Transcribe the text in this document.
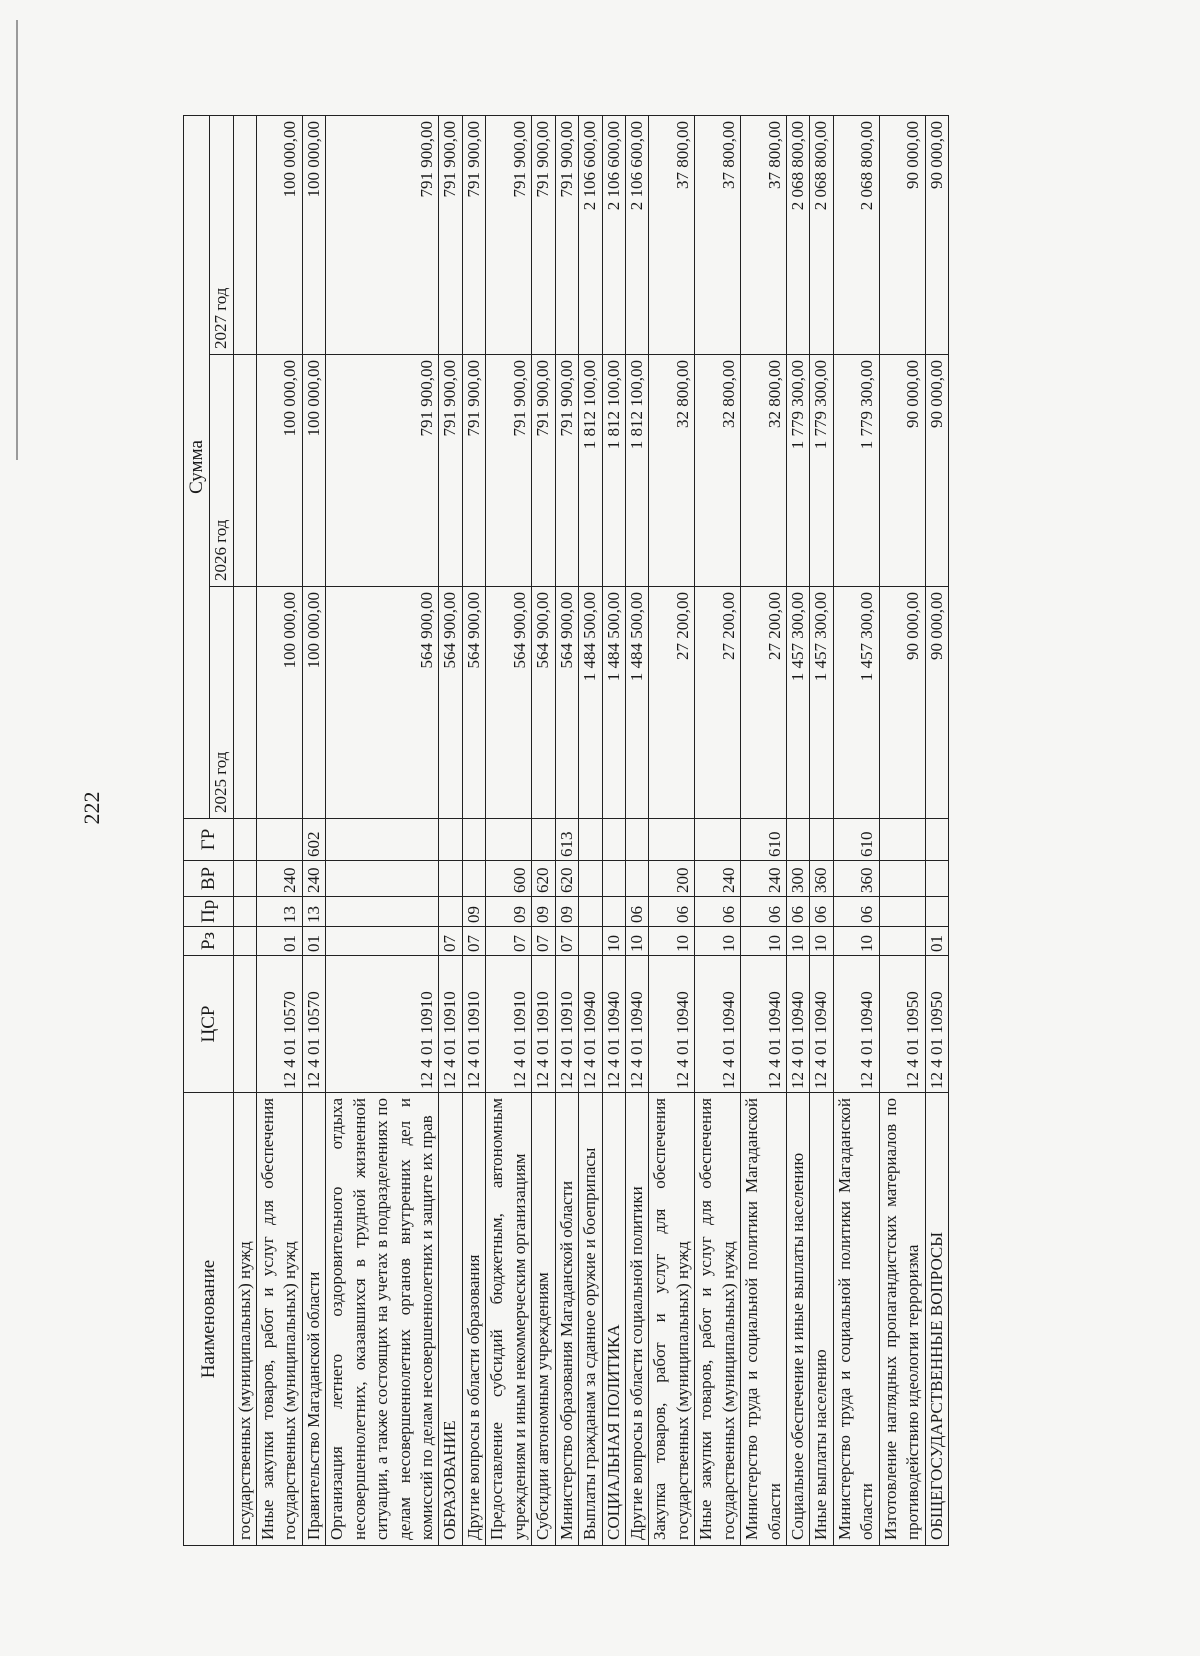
222
Наименование	ЦСР	Рз	Пр	ВР	ГР	Сумма		
						2025 год	2026 год	2027 год
государственных (муниципальных) нужд								
Иные закупки товаров, работ и услуг для обеспечения государственных (муниципальных) нужд	12 4 01 10570	01	13	240		100 000,00	100 000,00	100 000,00
Правительство Магаданской области	12 4 01 10570	01	13	240	602	100 000,00	100 000,00	100 000,00
Организация летнего оздоровительного отдыха несовершеннолетних, оказавшихся в трудной жизненной ситуации, а также состоящих на учетах в подразделениях по делам несовершеннолетних органов внутренних дел и комиссий по делам несовершеннолетних и защите их прав	12 4 01 10910					564 900,00	791 900,00	791 900,00
ОБРАЗОВАНИЕ	12 4 01 10910	07				564 900,00	791 900,00	791 900,00
Другие вопросы в области образования	12 4 01 10910	07	09			564 900,00	791 900,00	791 900,00
Предоставление субсидий бюджетным, автономным учреждениям и иным некоммерческим организациям	12 4 01 10910	07	09	600		564 900,00	791 900,00	791 900,00
Субсидии автономным учреждениям	12 4 01 10910	07	09	620		564 900,00	791 900,00	791 900,00
Министерство образования Магаданской области	12 4 01 10910	07	09	620	613	564 900,00	791 900,00	791 900,00
Выплаты гражданам за сданное оружие и боеприпасы	12 4 01 10940					1 484 500,00	1 812 100,00	2 106 600,00
СОЦИАЛЬНАЯ ПОЛИТИКА	12 4 01 10940	10				1 484 500,00	1 812 100,00	2 106 600,00
Другие вопросы в области социальной политики	12 4 01 10940	10	06			1 484 500,00	1 812 100,00	2 106 600,00
Закупка товаров, работ и услуг для обеспечения государственных (муниципальных) нужд	12 4 01 10940	10	06	200		27 200,00	32 800,00	37 800,00
Иные закупки товаров, работ и услуг для обеспечения государственных (муниципальных) нужд	12 4 01 10940	10	06	240		27 200,00	32 800,00	37 800,00
Министерство труда и социальной политики Магаданской области	12 4 01 10940	10	06	240	610	27 200,00	32 800,00	37 800,00
Социальное обеспечение и иные выплаты населению	12 4 01 10940	10	06	300		1 457 300,00	1 779 300,00	2 068 800,00
Иные выплаты населению	12 4 01 10940	10	06	360		1 457 300,00	1 779 300,00	2 068 800,00
Министерство труда и социальной политики Магаданской области	12 4 01 10940	10	06	360	610	1 457 300,00	1 779 300,00	2 068 800,00
Изготовление наглядных пропагандистских материалов по противодействию идеологии терроризма	12 4 01 10950					90 000,00	90 000,00	90 000,00
ОБЩЕГОСУДАРСТВЕННЫЕ ВОПРОСЫ	12 4 01 10950	01				90 000,00	90 000,00	90 000,00
